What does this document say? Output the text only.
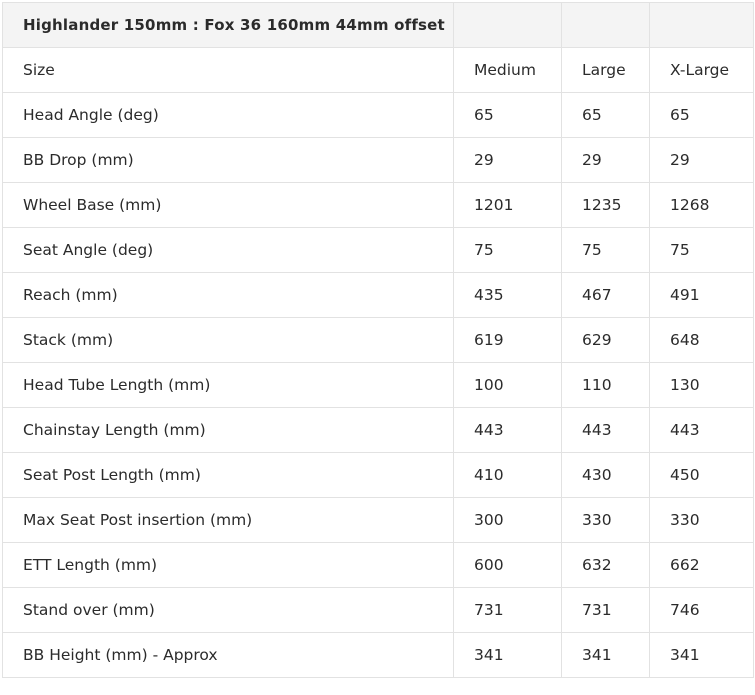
Highlander 150mm : Fox 36 160mm 44mm offset			
Size	Medium	Large	X-Large
Head Angle (deg)	65	65	65
BB Drop (mm)	29	29	29
Wheel Base (mm)	1201	1235	1268
Seat Angle (deg)	75	75	75
Reach (mm)	435	467	491
Stack (mm)	619	629	648
Head Tube Length (mm)	100	110	130
Chainstay Length (mm)	443	443	443
Seat Post Length (mm)	410	430	450
Max Seat Post insertion (mm)	300	330	330
ETT Length (mm)	600	632	662
Stand over (mm)	731	731	746
BB Height (mm) - Approx	341	341	341
